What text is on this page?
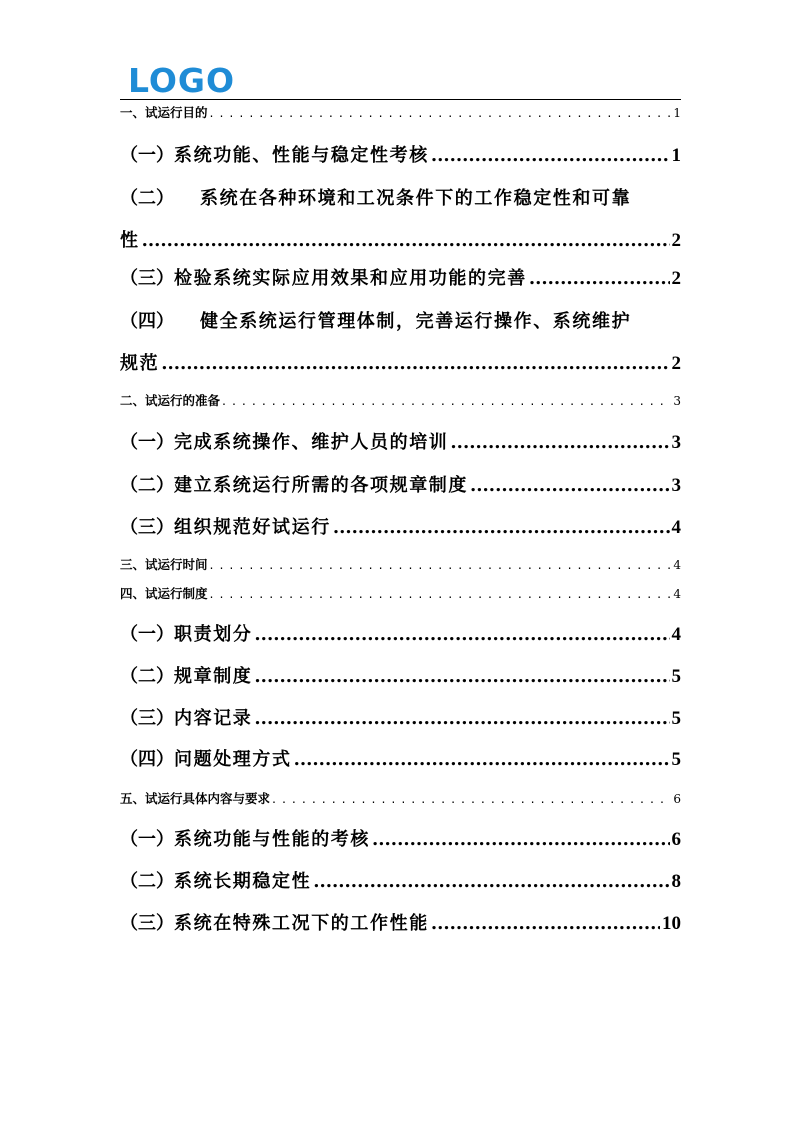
LOGO
一、 试运行目的 . . .	1
（一） 系统功能、性能与稳定性考核 .....	1
（二）	系统在各种环境和工况条件下的工作稳定性和可靠
性 .....	2
（三） 检验系统实际应用效果和应用功能的完善 .....	2
（四）	健全系统运行管理体制，完善运行操作、系统维护
规范 .....	2
二、 试运行的准备 . . .	3
（一） 完成系统操作、维护人员的培训 .....	3
（二） 建立系统运行所需的各项规章制度 .....	3
（三） 组织规范好试运行 .....	4
三、 试运行时间 . . .	4
四、 试运行制度 . . .	4
（一） 职责划分 .....	4
（二） 规章制度 .....	5
（三） 内容记录 .....	5
（四） 问题处理方式 .....	5
五、 试运行具体内容与要求 . . .	6
（一） 系统功能与性能的考核 .....	6
（二） 系统长期稳定性 .....	8
（三） 系统在特殊工况下的工作性能 .....	10
